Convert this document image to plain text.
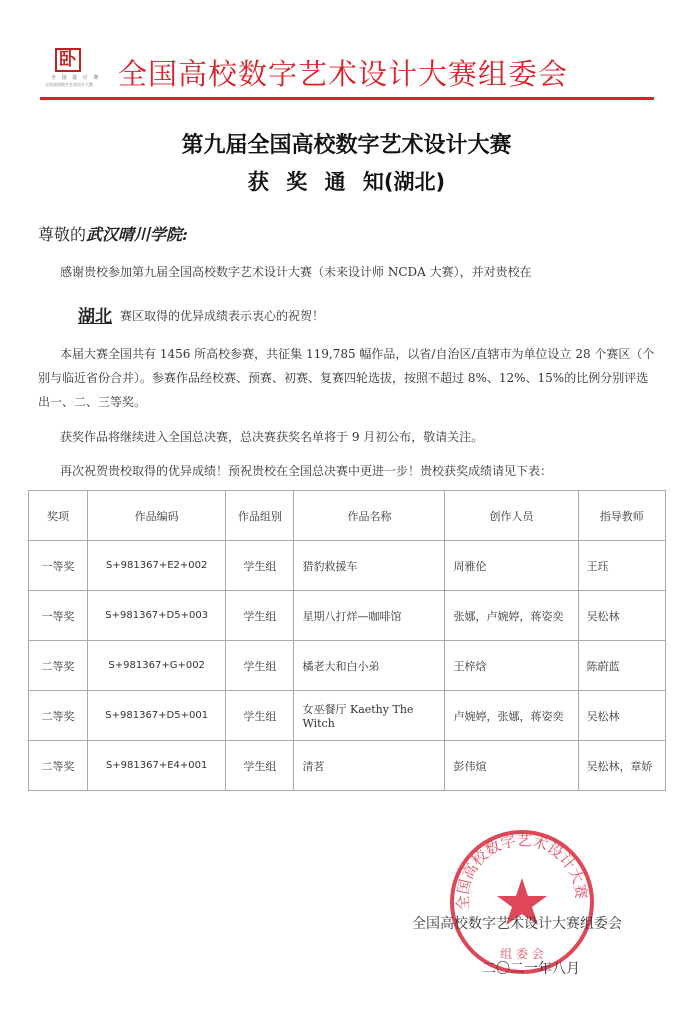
卧
全 国 设 计 赛
全国高校数字艺术设计大赛 全国高校数字艺术设计大赛组委会
第九届全国高校数字艺术设计大赛
获 奖 通 知(湖北)
尊敬的武汉晴川学院:
感谢贵校参加第九届全国高校数字艺术设计大赛（未来设计师 NCDA 大赛），并对贵校在
湖北 赛区取得的优异成绩表示衷心的祝贺！
本届大赛全国共有 1456 所高校参赛，共征集 119,785 幅作品，以省/自治区/直辖市为单位设立 28 个赛区（个别与临近省份合并）。参赛作品经校赛、预赛、初赛、复赛四轮选拔，按照不超过 8%、12%、15%的比例分别评选出一、二、三等奖。
获奖作品将继续进入全国总决赛，总决赛获奖名单将于 9 月初公布，敬请关注。
再次祝贺贵校取得的优异成绩！预祝贵校在全国总决赛中更进一步！贵校获奖成绩请见下表：
奖项	作品编码	作品组别	作品名称	创作人员	指导教师
一等奖	S+981367+E2+002	学生组	猎豹救援车	周雅伦	王珏
一等奖	S+981367+D5+003	学生组	星期八打烊—咖啡馆	张娜，卢婉婷，蒋姿奕	吴松林
二等奖	S+981367+G+002	学生组	橘老大和白小弟	王梓焓	陈蔚蓝
二等奖	S+981367+D5+001	学生组	女巫餐厅 Kaethy The Witch	卢婉婷，张娜，蒋姿奕	吴松林
二等奖	S+981367+E4+001	学生组	清茗	彭伟煊	吴松林，章娇
全国高校数字艺术设计大赛
组 委 会
全国高校数字艺术设计大赛组委会
二〇二一年八月
